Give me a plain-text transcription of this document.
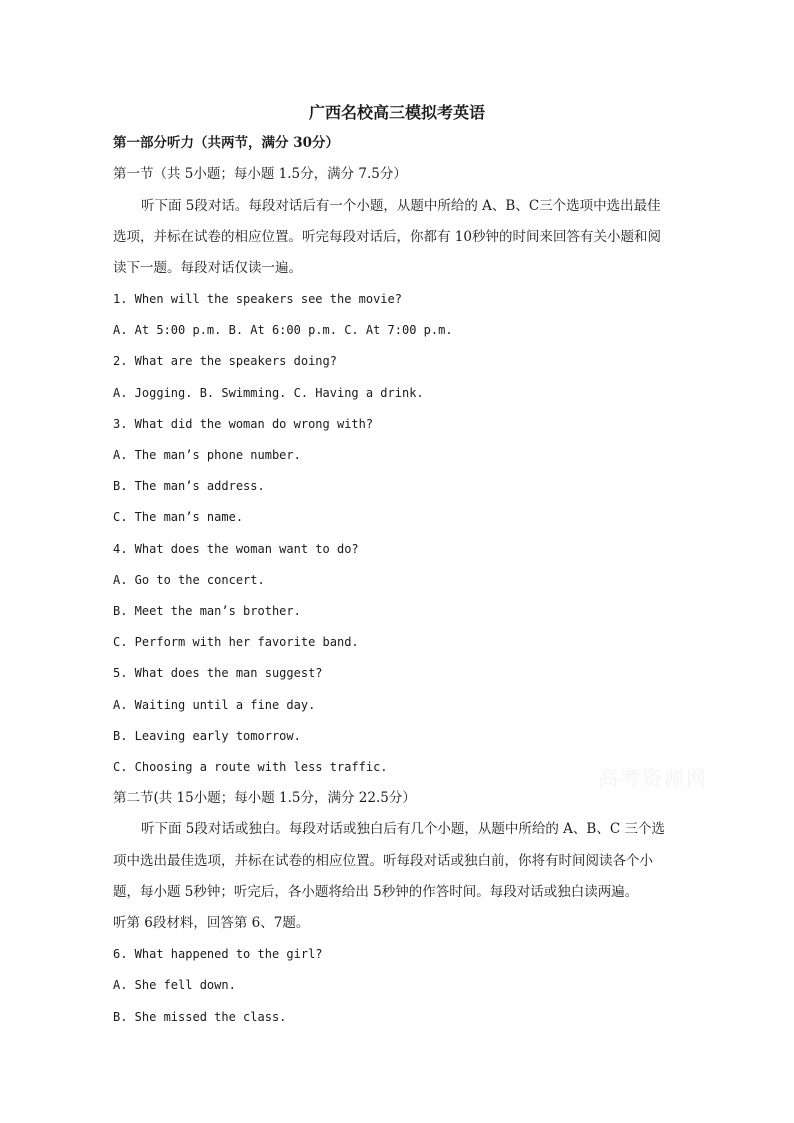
广西名校高三模拟考英语
第一部分听力（共两节，满分 30分）
第一节（共 5小题；每小题 1.5分，满分 7.5分）
听下面 5段对话。每段对话后有一个小题，从题中所给的 A、B、C三个选项中选出最佳
选项，并标在试卷的相应位置。听完每段对话后，你都有 10秒钟的时间来回答有关小题和阅
读下一题。每段对话仅读一遍。
1. When will the speakers see the movie?
A. At 5:00 p.m. B. At 6:00 p.m. C. At 7:00 p.m.
2. What are the speakers doing?
A. Jogging. B. Swimming. C. Having a drink.
3. What did the woman do wrong with?
A. The man’s phone number.
B. The man’s address.
C. The man’s name.
4. What does the woman want to do?
A. Go to the concert.
B. Meet the man’s brother.
C. Perform with her favorite band.
5. What does the man suggest?
A. Waiting until a fine day.
B. Leaving early tomorrow.
C. Choosing a route with less traffic.
第二节(共 15小题；每小题 1.5分，满分 22.5分）
听下面 5段对话或独白。每段对话或独白后有几个小题，从题中所给的 A、B、C 三个选
项中选出最佳选项，并标在试卷的相应位置。听每段对话或独白前，你将有时间阅读各个小
题，每小题 5秒钟；听完后，各小题将给出 5秒钟的作答时间。每段对话或独白读两遍。
听第 6段材料，回答第 6、7题。
6. What happened to the girl?
A. She fell down.
B. She missed the class.
高考资源网
